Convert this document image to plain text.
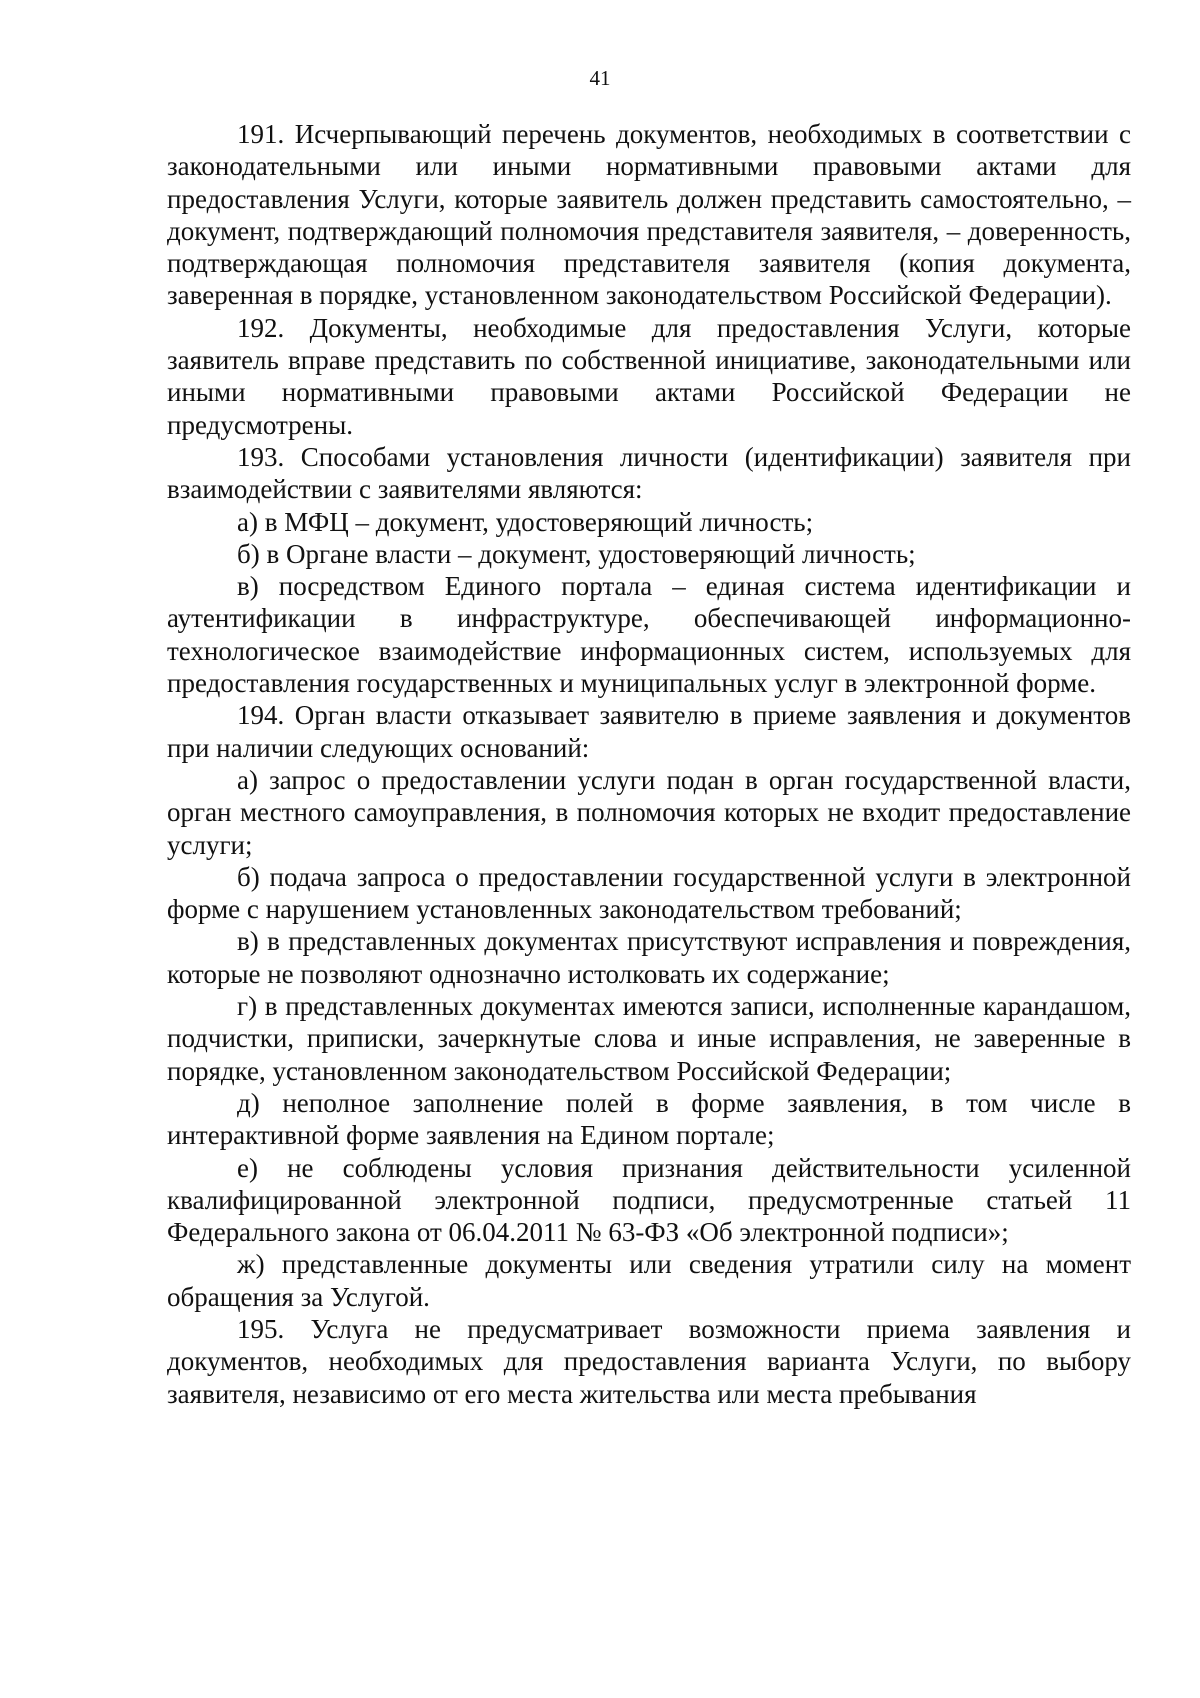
41

191. Исчерпывающий перечень документов, необходимых в соответствии с законодательными или иными нормативными правовыми актами для предоставления Услуги, которые заявитель должен представить самостоятельно, – документ, подтверждающий полномочия представителя заявителя, – доверенность, подтверждающая полномочия представителя заявителя (копия документа, заверенная в порядке, установленном законодательством Российской Федерации).

192. Документы, необходимые для предоставления Услуги, которые заявитель вправе представить по собственной инициативе, законодательными или иными нормативными правовыми актами Российской Федерации не предусмотрены.

193. Способами установления личности (идентификации) заявителя при взаимодействии с заявителями являются:

а) в МФЦ – документ, удостоверяющий личность;

б) в Органе власти – документ, удостоверяющий личность;

в) посредством Единого портала – единая система идентификации и аутентификации в инфраструктуре, обеспечивающей информационно-технологическое взаимодействие информационных систем, используемых для предоставления государственных и муниципальных услуг в электронной форме.

194. Орган власти отказывает заявителю в приеме заявления и документов при наличии следующих оснований:

а) запрос о предоставлении услуги подан в орган государственной власти, орган местного самоуправления, в полномочия которых не входит предоставление услуги;

б) подача запроса о предоставлении государственной услуги в электронной форме с нарушением установленных законодательством требований;

в) в представленных документах присутствуют исправления и повреждения, которые не позволяют однозначно истолковать их содержание;

г) в представленных документах имеются записи, исполненные карандашом, подчистки, приписки, зачеркнутые слова и иные исправления, не заверенные в порядке, установленном законодательством Российской Федерации;

д) неполное заполнение полей в форме заявления, в том числе в интерактивной форме заявления на Едином портале;

е) не соблюдены условия признания действительности усиленной квалифицированной электронной подписи, предусмотренные статьей 11 Федерального закона от 06.04.2011 № 63-ФЗ «Об электронной подписи»;

ж) представленные документы или сведения утратили силу на момент обращения за Услугой.

195. Услуга не предусматривает возможности приема заявления и документов, необходимых для предоставления варианта Услуги, по выбору заявителя, независимо от его места жительства или места пребывания
